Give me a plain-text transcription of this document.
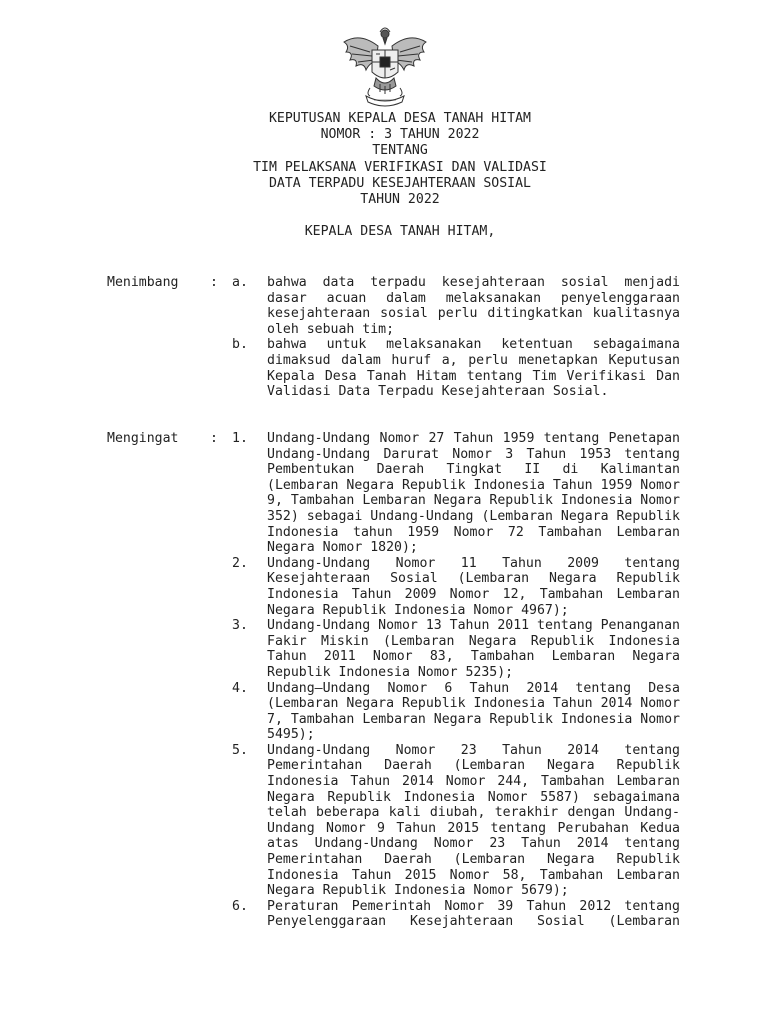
KEPUTUSAN KEPALA DESA TANAH HITAM
NOMOR : 3 TAHUN 2022
TENTANG
TIM PELAKSANA VERIFIKASI DAN VALIDASI
DATA TERPADU KESEJAHTERAAN SOSIAL
TAHUN 2022
KEPALA DESA TANAH HITAM,
Menimbang : a. bahwa data terpadu kesejahteraan sosial menjadi dasar acuan dalam melaksanakan penyelenggaraan kesejahteraan sosial perlu ditingkatkan kualitasnya oleh sebuah tim;
b. bahwa untuk melaksanakan ketentuan sebagaimana dimaksud dalam huruf a, perlu menetapkan Keputusan Kepala Desa Tanah Hitam tentang Tim Verifikasi Dan Validasi Data Terpadu Kesejahteraan Sosial.
Mengingat : 1. Undang-Undang Nomor 27 Tahun 1959 tentang Penetapan Undang-Undang Darurat Nomor 3 Tahun 1953 tentang Pembentukan Daerah Tingkat II di Kalimantan (Lembaran Negara Republik Indonesia Tahun 1959 Nomor 9, Tambahan Lembaran Negara Republik Indonesia Nomor 352) sebagai Undang-Undang (Lembaran Negara Republik Indonesia tahun 1959 Nomor 72 Tambahan Lembaran Negara Nomor 1820);
2. Undang-Undang Nomor 11 Tahun 2009 tentang Kesejahteraan Sosial (Lembaran Negara Republik Indonesia Tahun 2009 Nomor 12, Tambahan Lembaran Negara Republik Indonesia Nomor 4967);
3. Undang-Undang Nomor 13 Tahun 2011 tentang Penanganan Fakir Miskin (Lembaran Negara Republik Indonesia Tahun 2011 Nomor 83, Tambahan Lembaran Negara Republik Indonesia Nomor 5235);
4. Undang–Undang Nomor 6 Tahun 2014 tentang Desa (Lembaran Negara Republik Indonesia Tahun 2014 Nomor 7, Tambahan Lembaran Negara Republik Indonesia Nomor 5495);
5. Undang-Undang Nomor 23 Tahun 2014 tentang Pemerintahan Daerah (Lembaran Negara Republik Indonesia Tahun 2014 Nomor 244, Tambahan Lembaran Negara Republik Indonesia Nomor 5587) sebagaimana telah beberapa kali diubah, terakhir dengan Undang-Undang Nomor 9 Tahun 2015 tentang Perubahan Kedua atas Undang-Undang Nomor 23 Tahun 2014 tentang Pemerintahan Daerah (Lembaran Negara Republik Indonesia Tahun 2015 Nomor 58, Tambahan Lembaran Negara Republik Indonesia Nomor 5679);
6. Peraturan Pemerintah Nomor 39 Tahun 2012 tentang Penyelenggaraan Kesejahteraan Sosial (Lembaran
